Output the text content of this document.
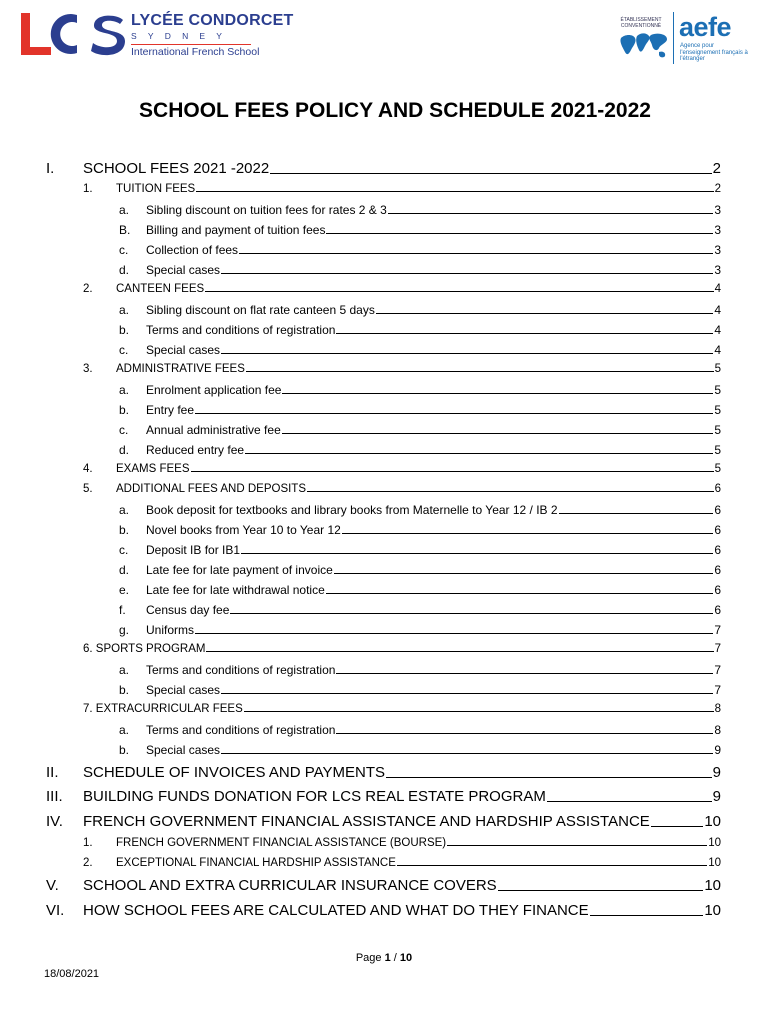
LYCÉE CONDORCET
SYDNEY
International French School
ÉTABLISSEMENT CONVENTIONNÉ aefe
Agence pour l'enseignement français à l'étranger
SCHOOL FEES POLICY AND SCHEDULE 2021-2022
I. SCHOOL FEES 2021 -2022	2
1. TUITION FEES	2
a. Sibling discount on tuition fees for rates 2 & 3	3
B. Billing and payment of tuition fees	3
c. Collection of fees	3
d. Special cases	3
2. CANTEEN FEES	4
a. Sibling discount on flat rate canteen 5 days	4
b. Terms and conditions of registration	4
c. Special cases	4
3. ADMINISTRATIVE FEES	5
a. Enrolment application fee	5
b. Entry fee	5
c. Annual administrative fee	5
d. Reduced entry fee	5
4. EXAMS FEES	5
5. ADDITIONAL FEES AND DEPOSITS	6
a. Book deposit for textbooks and library books from Maternelle to Year 12 / IB 2	6
b. Novel books from Year 10 to Year 12	6
c. Deposit IB for IB1	6
d. Late fee for late payment of invoice	6
e. Late fee for late withdrawal notice	6
f. Census day fee	6
g. Uniforms	7
6. SPORTS PROGRAM	7
a. Terms and conditions of registration	7
b. Special cases	7
7. EXTRACURRICULAR FEES	8
a. Terms and conditions of registration	8
b. Special cases	9
II. SCHEDULE OF INVOICES AND PAYMENTS	9
III. BUILDING FUNDS DONATION FOR LCS REAL ESTATE PROGRAM	9
IV. FRENCH GOVERNMENT FINANCIAL ASSISTANCE AND HARDSHIP ASSISTANCE	10
1. FRENCH GOVERNMENT FINANCIAL ASSISTANCE (BOURSE)	10
2. EXCEPTIONAL FINANCIAL HARDSHIP ASSISTANCE	10
V. SCHOOL AND EXTRA CURRICULAR INSURANCE COVERS	10
VI. HOW SCHOOL FEES ARE CALCULATED AND WHAT DO THEY FINANCE	10
Page 1 / 10
18/08/2021
